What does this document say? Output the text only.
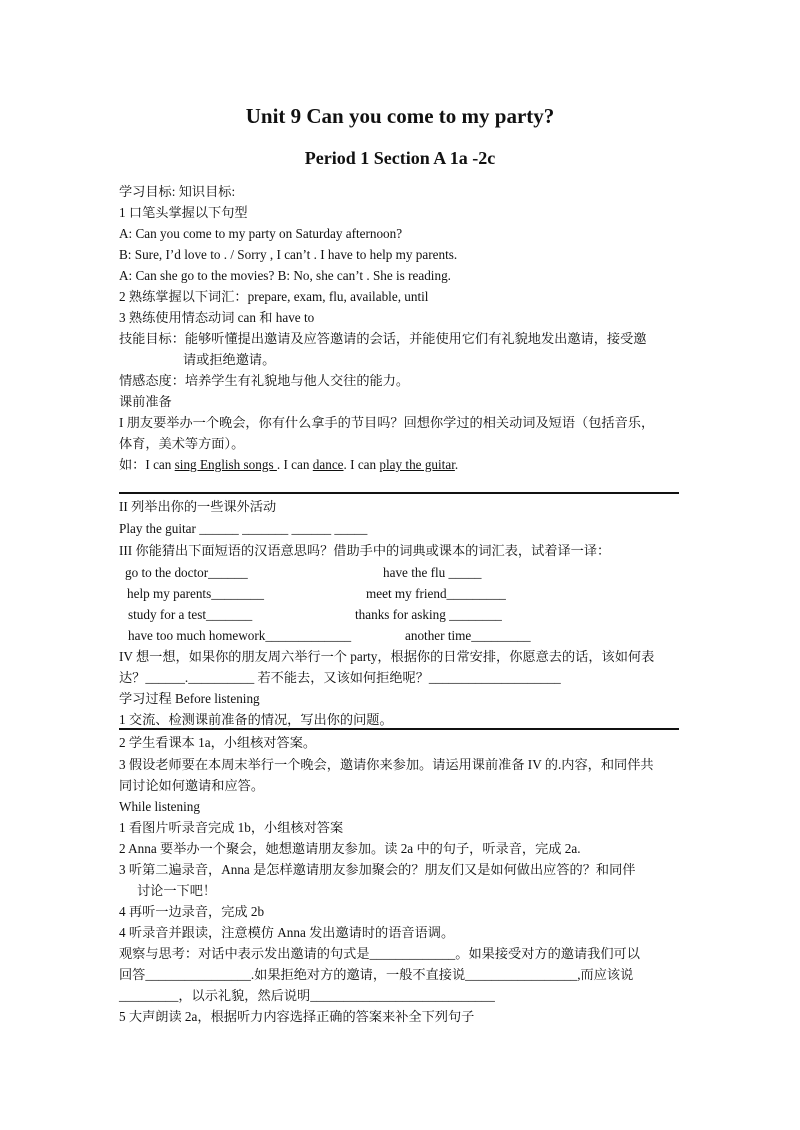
Unit 9 Can you come to my party?
Period 1 Section A 1a -2c
学习目标: 知识目标:
1 口笔头掌握以下句型
A: Can you come to my party on Saturday afternoon?
B: Sure, I’d love to . / Sorry , I can’t . I have to help my parents.
A: Can she go to the movies? B: No, she can’t . She is reading.
2 熟练掌握以下词汇：prepare, exam, flu, available, until
3 熟练使用情态动词 can 和 have to
技能目标：能够听懂提出邀请及应答邀请的会话，并能使用它们有礼貌地发出邀请，接受邀
请或拒绝邀请。
情感态度：培养学生有礼貌地与他人交往的能力。
课前准备
I 朋友要举办一个晚会，你有什么拿手的节目吗？回想你学过的相关动词及短语（包括音乐，
体育，美术等方面）。
如：I can sing English songs . I can dance. I can play the guitar.
II 列举出你的一些课外活动
Play the guitar ______ _______ ______ _____
III 你能猜出下面短语的汉语意思吗？借助手中的词典或课本的词汇表，试着译一译：
go to the doctor______	have the flu _____
help my parents________	meet my friend_________
study for a test_______	thanks for asking ________
have too much homework_____________	another time_________
IV 想一想，如果你的朋友周六举行一个 party，根据你的日常安排，你愿意去的话，该如何表
达？______.__________ 若不能去，又该如何拒绝呢？____________________
学习过程 Before listening
1 交流、检测课前准备的情况，写出你的问题。
2 学生看课本 1a，小组核对答案。
3 假设老师要在本周末举行一个晚会，邀请你来参加。请运用课前准备 IV 的.内容，和同伴共
同讨论如何邀请和应答。
While listening
1 看图片听录音完成 1b，小组核对答案
2 Anna 要举办一个聚会，她想邀请朋友参加。读 2a 中的句子，听录音，完成 2a.
3 听第二遍录音，Anna 是怎样邀请朋友参加聚会的？朋友们又是如何做出应答的？和同伴
讨论一下吧！
4 再听一边录音，完成 2b
4 听录音并跟读，注意模仿 Anna 发出邀请时的语音语调。
观察与思考：对话中表示发出邀请的句式是_____________。如果接受对方的邀请我们可以
回答________________.如果拒绝对方的邀请，一般不直接说_________________,而应该说
_________，以示礼貌，然后说明____________________________
5 大声朗读 2a，根据听力内容选择正确的答案来补全下列句子
